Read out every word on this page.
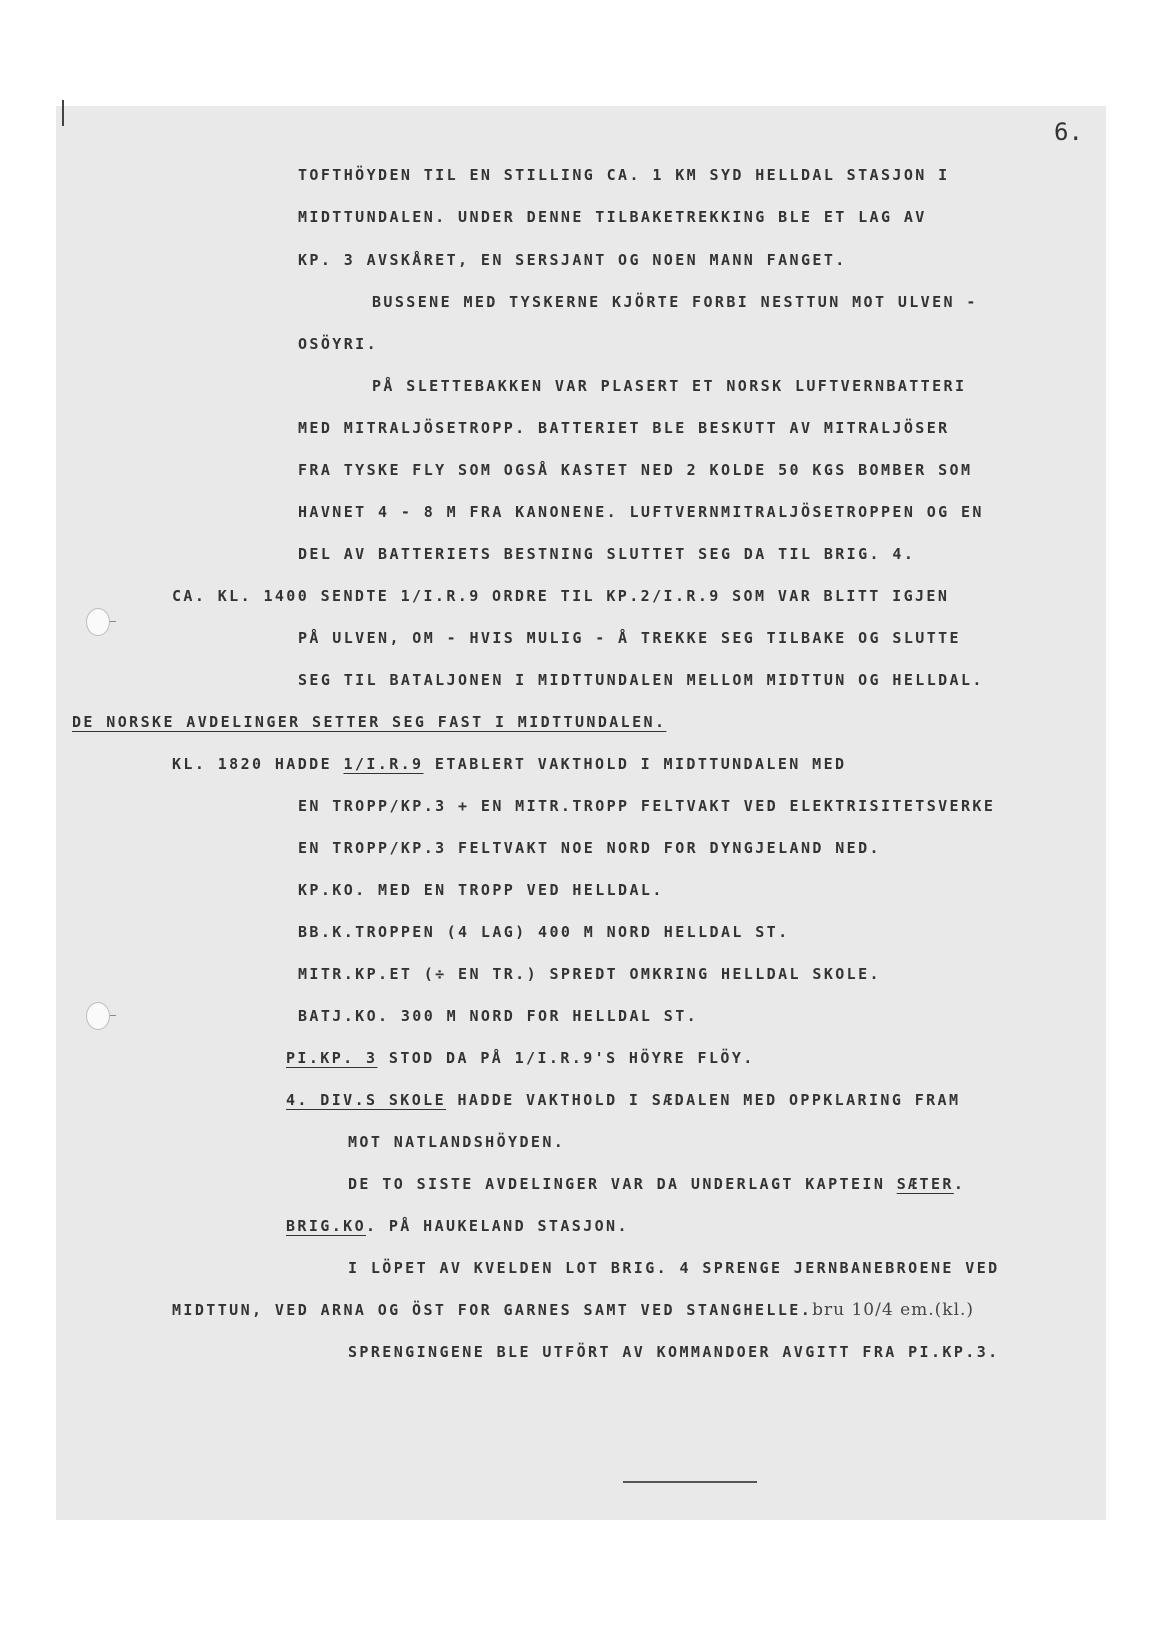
6.
TOFTHÖYDEN TIL EN STILLING CA. 1 KM SYD HELLDAL STASJON I
MIDTTUNDALEN. UNDER DENNE TILBAKETREKKING BLE ET LAG AV
KP. 3 AVSKÅRET, EN SERSJANT OG NOEN MANN FANGET.
BUSSENE MED TYSKERNE KJÖRTE FORBI NESTTUN MOT ULVEN -
OSÖYRI.
PÅ SLETTEBAKKEN VAR PLASERT ET NORSK LUFTVERNBATTERI
MED MITRALJÖSETROPP. BATTERIET BLE BESKUTT AV MITRALJÖSER
FRA TYSKE FLY SOM OGSÅ KASTET NED 2 KOLDE 50 KGS BOMBER SOM
HAVNET 4 - 8 M FRA KANONENE. LUFTVERNMITRALJÖSETROPPEN OG EN
DEL AV BATTERIETS BESTNING SLUTTET SEG DA TIL BRIG. 4.
CA. KL. 1400 SENDTE 1/I.R.9 ORDRE TIL KP.2/I.R.9 SOM VAR BLITT IGJEN
PÅ ULVEN, OM - HVIS MULIG - Å TREKKE SEG TILBAKE OG SLUTTE
SEG TIL BATALJONEN I MIDTTUNDALEN MELLOM MIDTTUN OG HELLDAL.
DE NORSKE AVDELINGER SETTER SEG FAST I MIDTTUNDALEN.
KL. 1820 HADDE 1/I.R.9 ETABLERT VAKTHOLD I MIDTTUNDALEN MED
EN TROPP/KP.3 + EN MITR.TROPP FELTVAKT VED ELEKTRISITETSVERKE
EN TROPP/KP.3 FELTVAKT NOE NORD FOR DYNGJELAND NED.
KP.KO. MED EN TROPP VED HELLDAL.
BB.K.TROPPEN (4 LAG) 400 M NORD HELLDAL ST.
MITR.KP.ET (÷ EN TR.) SPREDT OMKRING HELLDAL SKOLE.
BATJ.KO. 300 M NORD FOR HELLDAL ST.
PI.KP. 3 STOD DA PÅ 1/I.R.9'S HÖYRE FLÖY.
4. DIV.S SKOLE HADDE VAKTHOLD I SÆDALEN MED OPPKLARING FRAM
MOT NATLANDSHÖYDEN.
DE TO SISTE AVDELINGER VAR DA UNDERLAGT KAPTEIN SÆTER.
BRIG.KO. PÅ HAUKELAND STASJON.
I LÖPET AV KVELDEN LOT BRIG. 4 SPRENGE JERNBANEBROENE VED
MIDTTUN, VED ARNA OG ÖST FOR GARNES SAMT VED STANGHELLE.bru 10/4 em.(kl.)
SPRENGINGENE BLE UTFÖRT AV KOMMANDOER AVGITT FRA PI.KP.3.
